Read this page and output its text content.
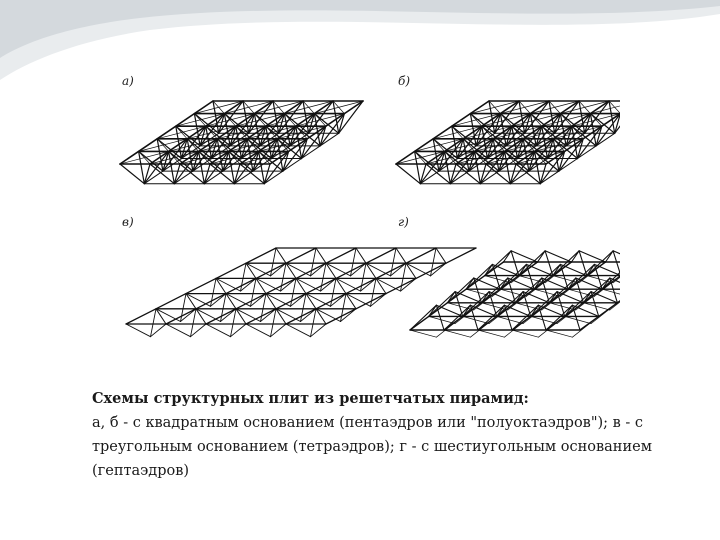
а)	б)
в)	г)
Схемы структурных плит из решетчатых пирамид:
а, б - с квадратным основанием (пентаэдров или "полуоктаэдров"); в - с треугольным основанием (тетраэдров); г - с шестиугольным основанием (гептаэдров)
